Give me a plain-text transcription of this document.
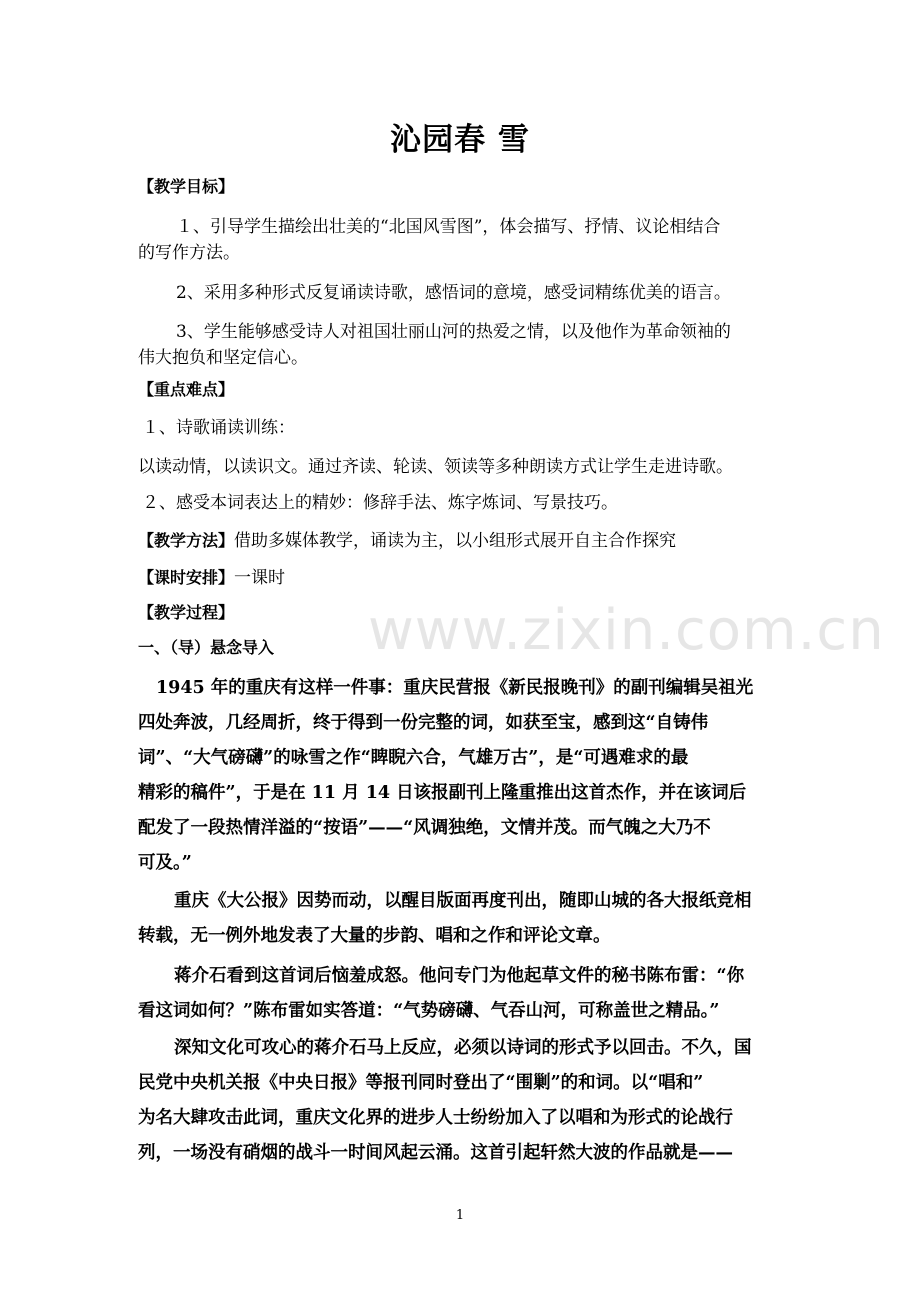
www.zixin.com.cn
沁园春 雪
【教学目标】
１、引导学生描绘出壮美的“北国风雪图”，体会描写、抒情、议论相结合
的写作方法。
2、采用多种形式反复诵读诗歌，感悟词的意境，感受词精练优美的语言。
3、学生能够感受诗人对祖国壮丽山河的热爱之情，以及他作为革命领袖的
伟大抱负和坚定信心。
【重点难点】
１、诗歌诵读训练：
以读动情，以读识文。通过齐读、轮读、领读等多种朗读方式让学生走进诗歌。
２、感受本词表达上的精妙：修辞手法、炼字炼词、写景技巧。
【教学方法】借助多媒体教学，诵读为主，以小组形式展开自主合作探究
【课时安排】一课时
【教学过程】
一、（导）悬念导入
1945 年的重庆有这样一件事：重庆民营报《新民报晚刊》的副刊编辑吴祖光
四处奔波，几经周折，终于得到一份完整的词，如获至宝，感到这“自铸伟
词”、“大气磅礴”的咏雪之作“睥睨六合，气雄万古”，是“可遇难求的最
精彩的稿件”，于是在 11 月 14 日该报副刊上隆重推出这首杰作，并在该词后
配发了一段热情洋溢的“按语”——“风调独绝，文情并茂。而气魄之大乃不
可及。”
重庆《大公报》因势而动，以醒目版面再度刊出，随即山城的各大报纸竞相
转载，无一例外地发表了大量的步韵、唱和之作和评论文章。
蒋介石看到这首词后恼羞成怒。他问专门为他起草文件的秘书陈布雷：“你
看这词如何？”陈布雷如实答道：“气势磅礴、气吞山河，可称盖世之精品。”
深知文化可攻心的蒋介石马上反应，必须以诗词的形式予以回击。不久，国
民党中央机关报《中央日报》等报刊同时登出了“围剿”的和词。以“唱和”
为名大肆攻击此词，重庆文化界的进步人士纷纷加入了以唱和为形式的论战行
列，一场没有硝烟的战斗一时间风起云涌。这首引起轩然大波的作品就是——
1
